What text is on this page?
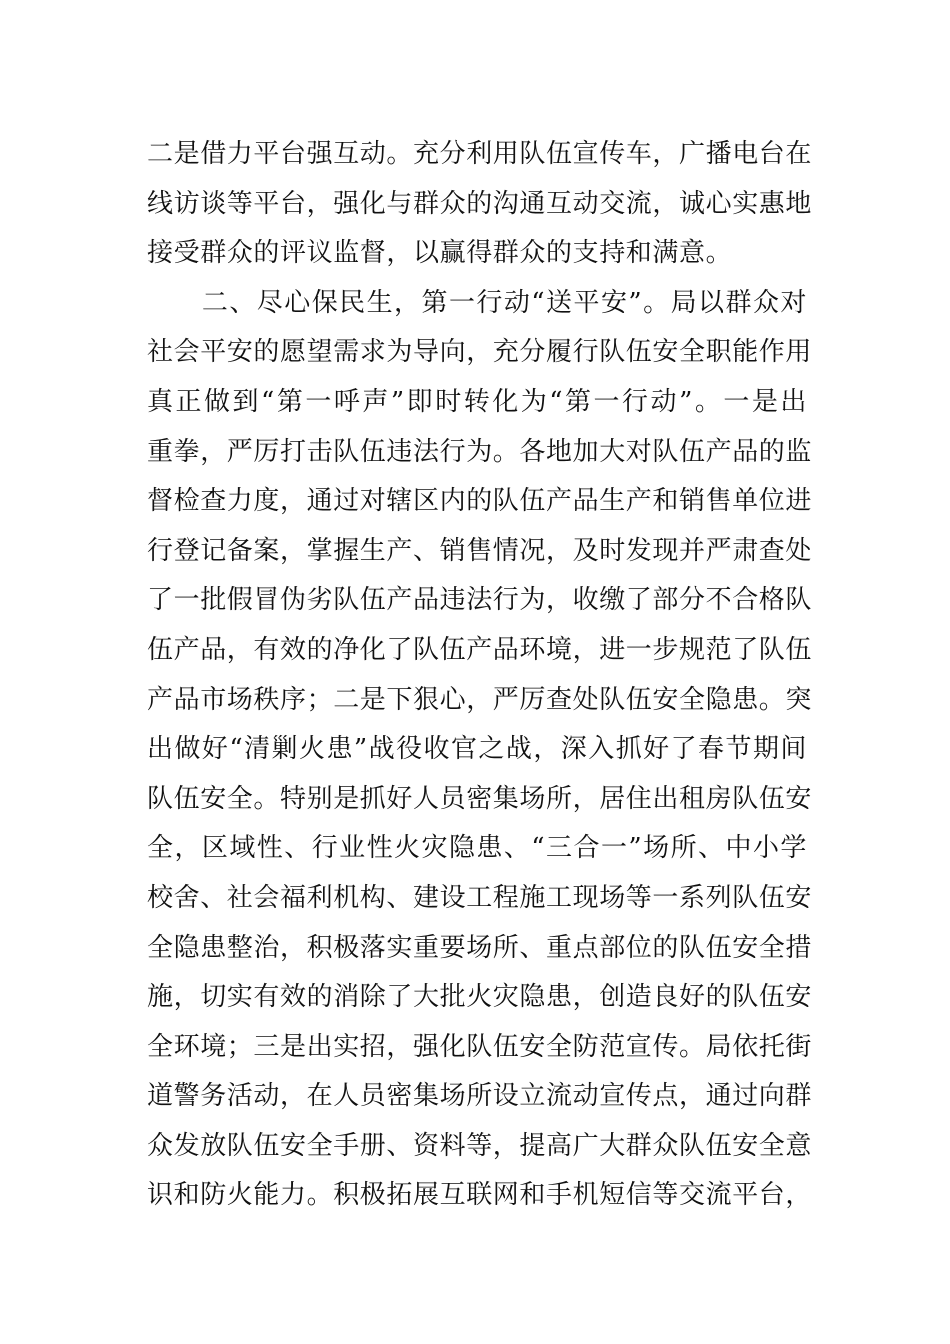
二是借力平台强互动。充分利用队伍宣传车，广播电台在
线访谈等平台，强化与群众的沟通互动交流，诚心实惠地
接受群众的评议监督，以赢得群众的支持和满意。
　　二、尽心保民生，第一行动“送平安”。局以群众对
社会平安的愿望需求为导向，充分履行队伍安全职能作用
真正做到“第一呼声”即时转化为“第一行动”。一是出
重拳，严厉打击队伍违法行为。各地加大对队伍产品的监
督检查力度，通过对辖区内的队伍产品生产和销售单位进
行登记备案，掌握生产、销售情况，及时发现并严肃查处
了一批假冒伪劣队伍产品违法行为，收缴了部分不合格队
伍产品，有效的净化了队伍产品环境，进一步规范了队伍
产品市场秩序；二是下狠心，严厉查处队伍安全隐患。突
出做好“清剿火患”战役收官之战，深入抓好了春节期间
队伍安全。特别是抓好人员密集场所，居住出租房队伍安
全，区域性、行业性火灾隐患、“三合一”场所、中小学
校舍、社会福利机构、建设工程施工现场等一系列队伍安
全隐患整治，积极落实重要场所、重点部位的队伍安全措
施，切实有效的消除了大批火灾隐患，创造良好的队伍安
全环境；三是出实招，强化队伍安全防范宣传。局依托街
道警务活动，在人员密集场所设立流动宣传点，通过向群
众发放队伍安全手册、资料等，提高广大群众队伍安全意
识和防火能力。积极拓展互联网和手机短信等交流平台，
